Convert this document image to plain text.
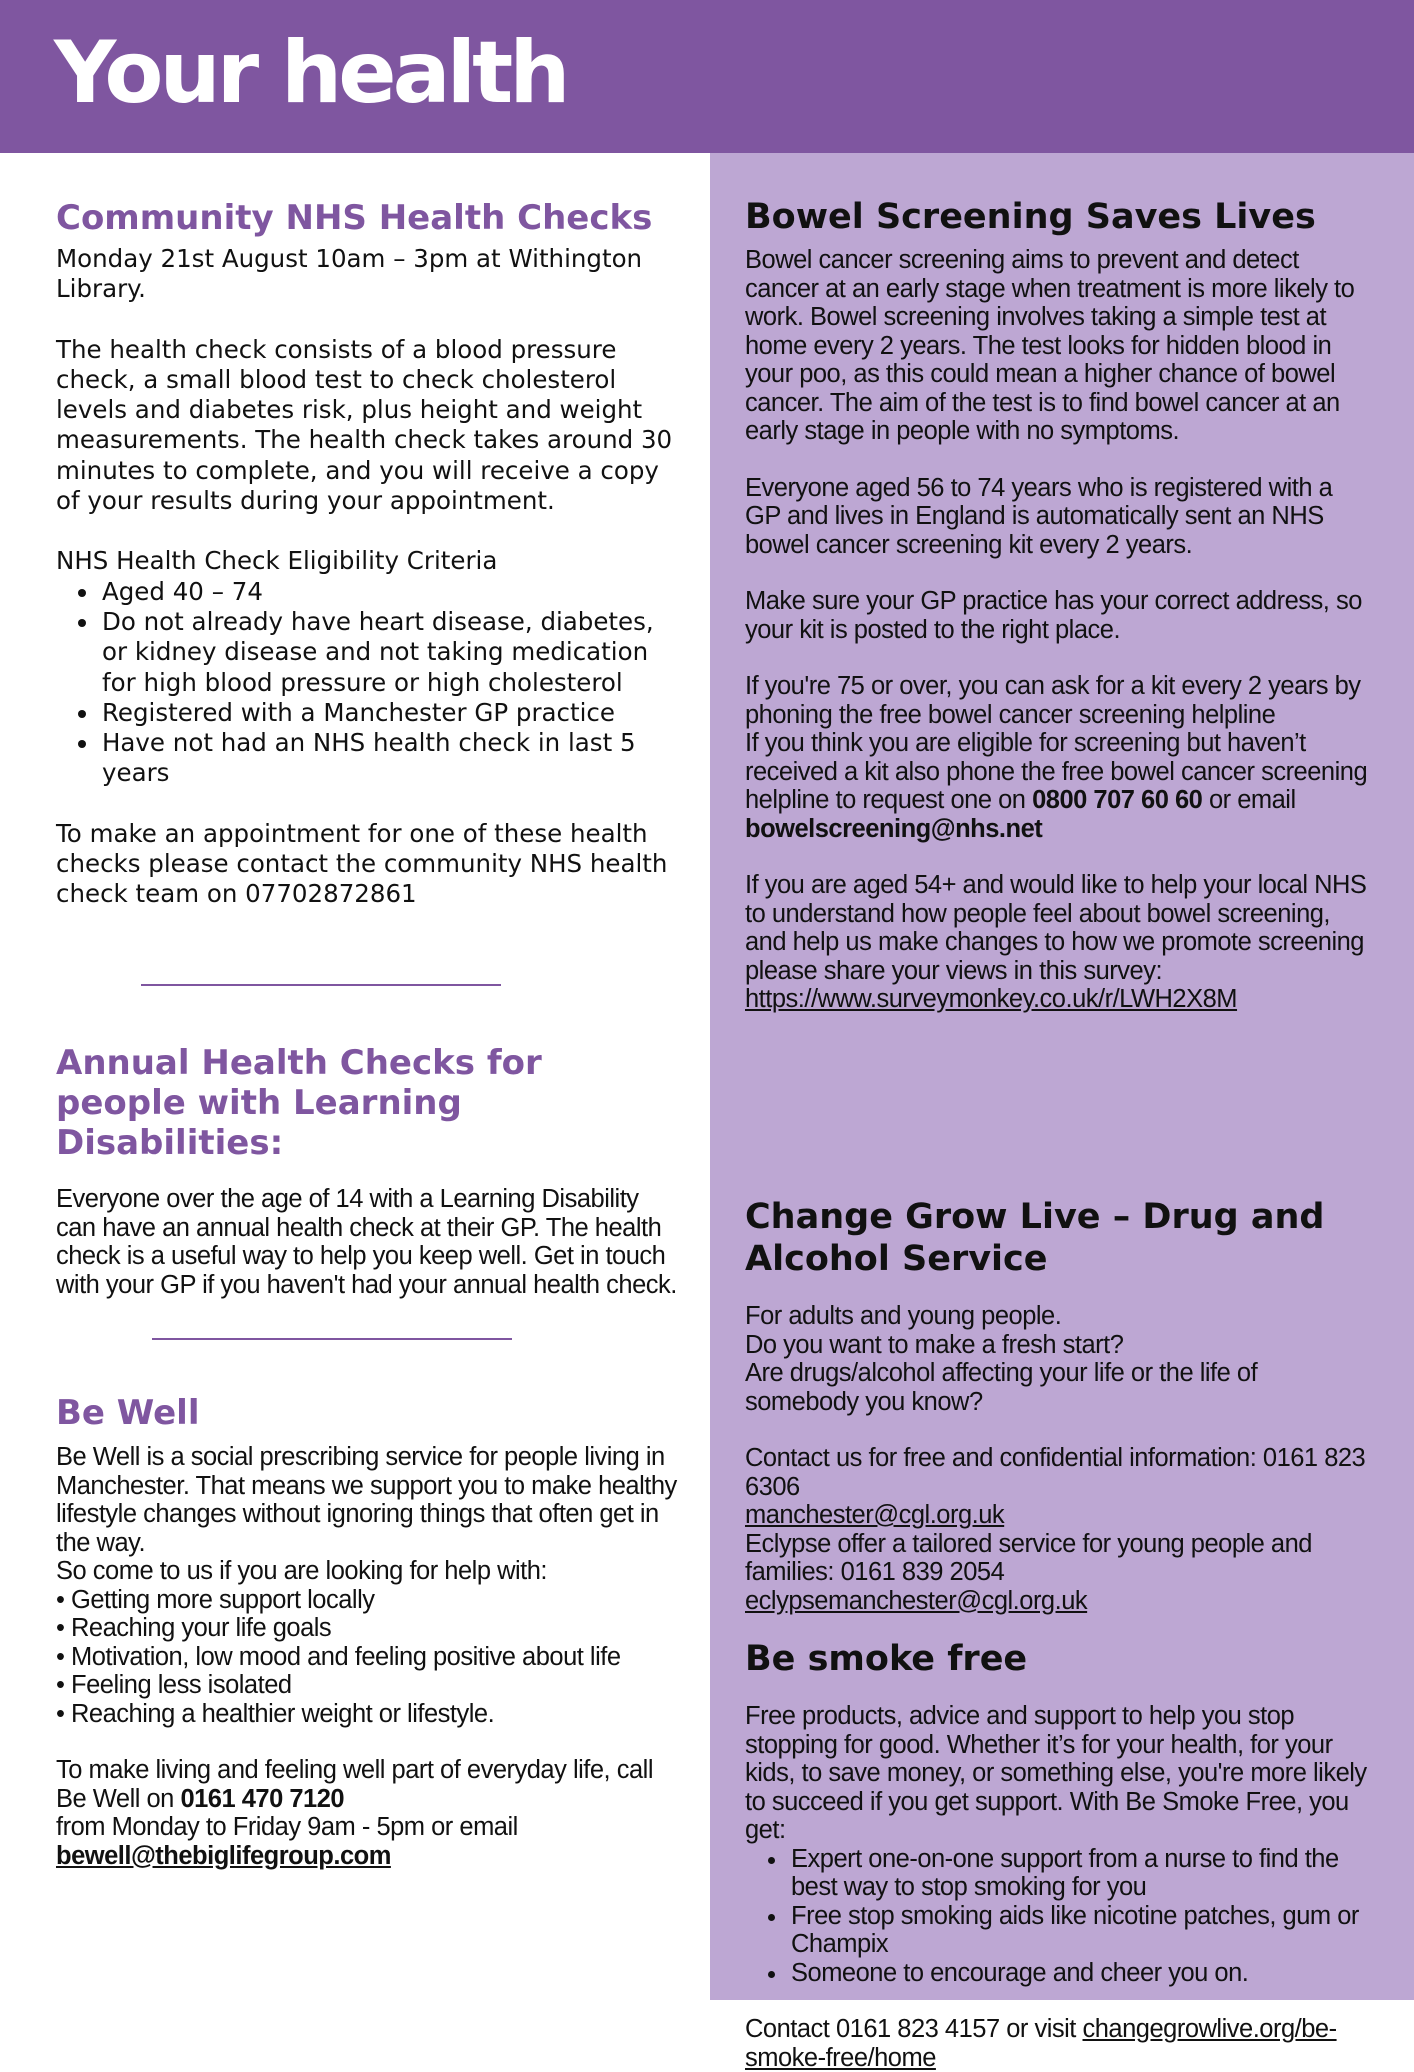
Your health
Community NHS Health Checks

Monday 21st August 10am – 3pm at Withington Library.

The health check consists of a blood pressure check, a small blood test to check cholesterol levels and diabetes risk, plus height and weight measurements. The health check takes around 30 minutes to complete, and you will receive a copy of your results during your appointment.

NHS Health Check Eligibility Criteria

• Aged 40 – 74
• Do not already have heart disease, diabetes, or kidney disease and not taking medication for high blood pressure or high cholesterol
• Registered with a Manchester GP practice
• Have not had an NHS health check in last 5 years

To make an appointment for one of these health checks please contact the community NHS health check team on 07702872861

Annual Health Checks for people with Learning Disabilities:

Everyone over the age of 14 with a Learning Disability can have an annual health check at their GP. The health check is a useful way to help you keep well. Get in touch with your GP if you haven't had your annual health check.

Be Well

Be Well is a social prescribing service for people living in Manchester. That means we support you to make healthy lifestyle changes without ignoring things that often get in the way.

So come to us if you are looking for help with:

• Getting more support locally

• Reaching your life goals

• Motivation, low mood and feeling positive about life

• Feeling less isolated

• Reaching a healthier weight or lifestyle.

To make living and feeling well part of everyday life, call Be Well on 0161 470 7120

from Monday to Friday 9am - 5pm or email

bewell@thebiglifegroup.com

Bowel Screening Saves Lives

Bowel cancer screening aims to prevent and detect cancer at an early stage when treatment is more likely to work. Bowel screening involves taking a simple test at home every 2 years. The test looks for hidden blood in your poo, as this could mean a higher chance of bowel cancer. The aim of the test is to find bowel cancer at an early stage in people with no symptoms.

Everyone aged 56 to 74 years who is registered with a GP and lives in England is automatically sent an NHS bowel cancer screening kit every 2 years.

Make sure your GP practice has your correct address, so your kit is posted to the right place.

If you're 75 or over, you can ask for a kit every 2 years by phoning the free bowel cancer screening helpline

If you think you are eligible for screening but haven’t received a kit also phone the free bowel cancer screening helpline to request one on 0800 707 60 60 or email bowelscreening@nhs.net

If you are aged 54+ and would like to help your local NHS to understand how people feel about bowel screening, and help us make changes to how we promote screening please share your views in this survey: https://www.surveymonkey.co.uk/r/LWH2X8M

Change Grow Live – Drug and Alcohol Service

For adults and young people.

Do you want to make a fresh start?

Are drugs/alcohol affecting your life or the life of somebody you know?

Contact us for free and confidential information: 0161 823 6306

manchester@cgl.org.uk

Eclypse offer a tailored service for young people and families: 0161 839 2054

eclypsemanchester@cgl.org.uk

Be smoke free

Free products, advice and support to help you stop stopping for good. Whether it’s for your health, for your kids, to save money, or something else, you're more likely to succeed if you get support. With Be Smoke Free, you get:

• Expert one-on-one support from a nurse to find the best way to stop smoking for you
• Free stop smoking aids like nicotine patches, gum or Champix
• Someone to encourage and cheer you on.

Contact 0161 823 4157 or visit changegrowlive.org/be-smoke-free/home
